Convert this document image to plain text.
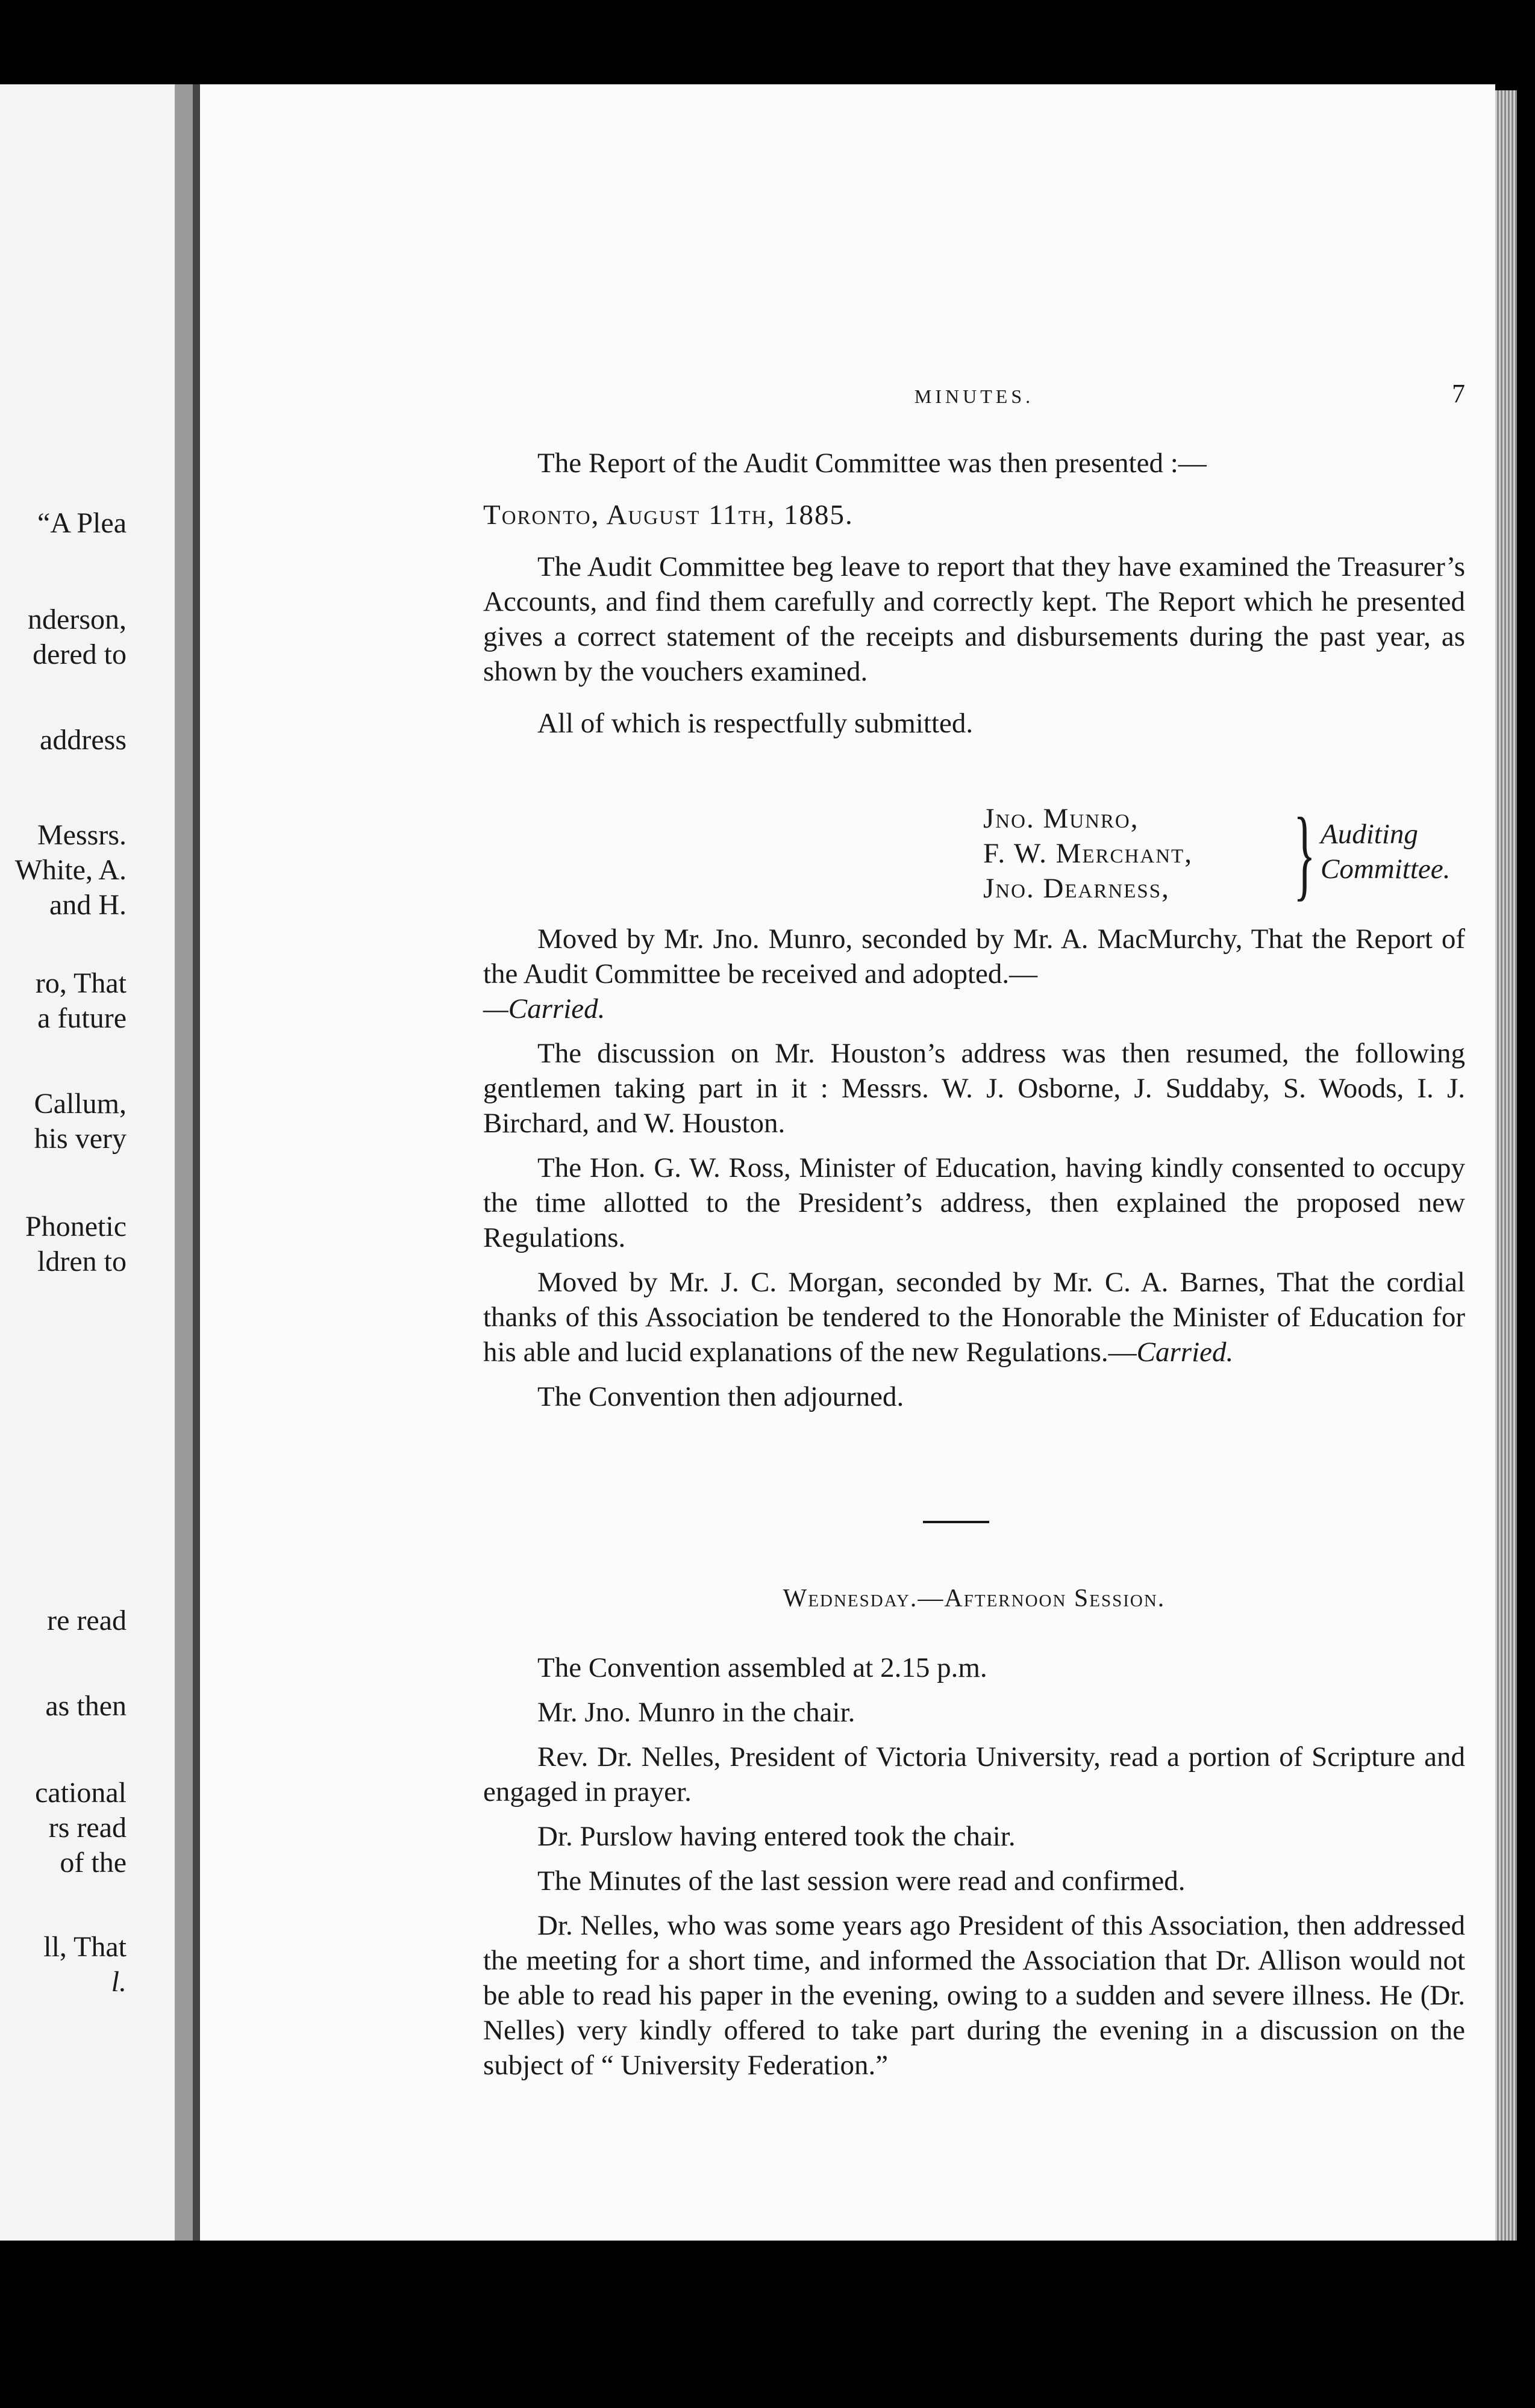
“A Plea
nderson,
dered to
address
Messrs.
White, A.
and H.
ro, That
a future
Callum,
his very
Phonetic
ldren to
re read
as then
cational
rs read
of the
ll, That
l.
MINUTES.	7

The Report of the Audit Committee was then presented :—

Toronto, August 11th, 1885.

The Audit Committee beg leave to report that they have examined the Treasurer’s Accounts, and find them carefully and correctly kept. The Report which he presented gives a correct statement of the receipts and disbursements during the past year, as shown by the vouchers examined.

All of which is respectfully submitted.

Jno. Munro,
F. W. Merchant,
Jno. Dearness, } Auditing
Committee.

Moved by Mr. Jno. Munro, seconded by Mr. A. MacMurchy, That the Report of the Audit Committee be received and adopted.—

—Carried.

The discussion on Mr. Houston’s address was then resumed, the following gentlemen taking part in it : Messrs. W. J. Osborne, J. Suddaby, S. Woods, I. J. Birchard, and W. Houston.

The Hon. G. W. Ross, Minister of Education, having kindly consented to occupy the time allotted to the President’s address, then explained the proposed new Regulations.

Moved by Mr. J. C. Morgan, seconded by Mr. C. A. Barnes, That the cordial thanks of this Association be tendered to the Honorable the Minister of Education for his able and lucid explanations of the new Regulations.—Carried.

The Convention then adjourned.

Wednesday.—Afternoon Session.

The Convention assembled at 2.15 p.m.

Mr. Jno. Munro in the chair.

Rev. Dr. Nelles, President of Victoria University, read a portion of Scripture and engaged in prayer.

Dr. Purslow having entered took the chair.

The Minutes of the last session were read and confirmed.

Dr. Nelles, who was some years ago President of this Association, then addressed the meeting for a short time, and informed the Association that Dr. Allison would not be able to read his paper in the evening, owing to a sudden and severe illness. He (Dr. Nelles) very kindly offered to take part during the evening in a discussion on the subject of “ University Federation.”
